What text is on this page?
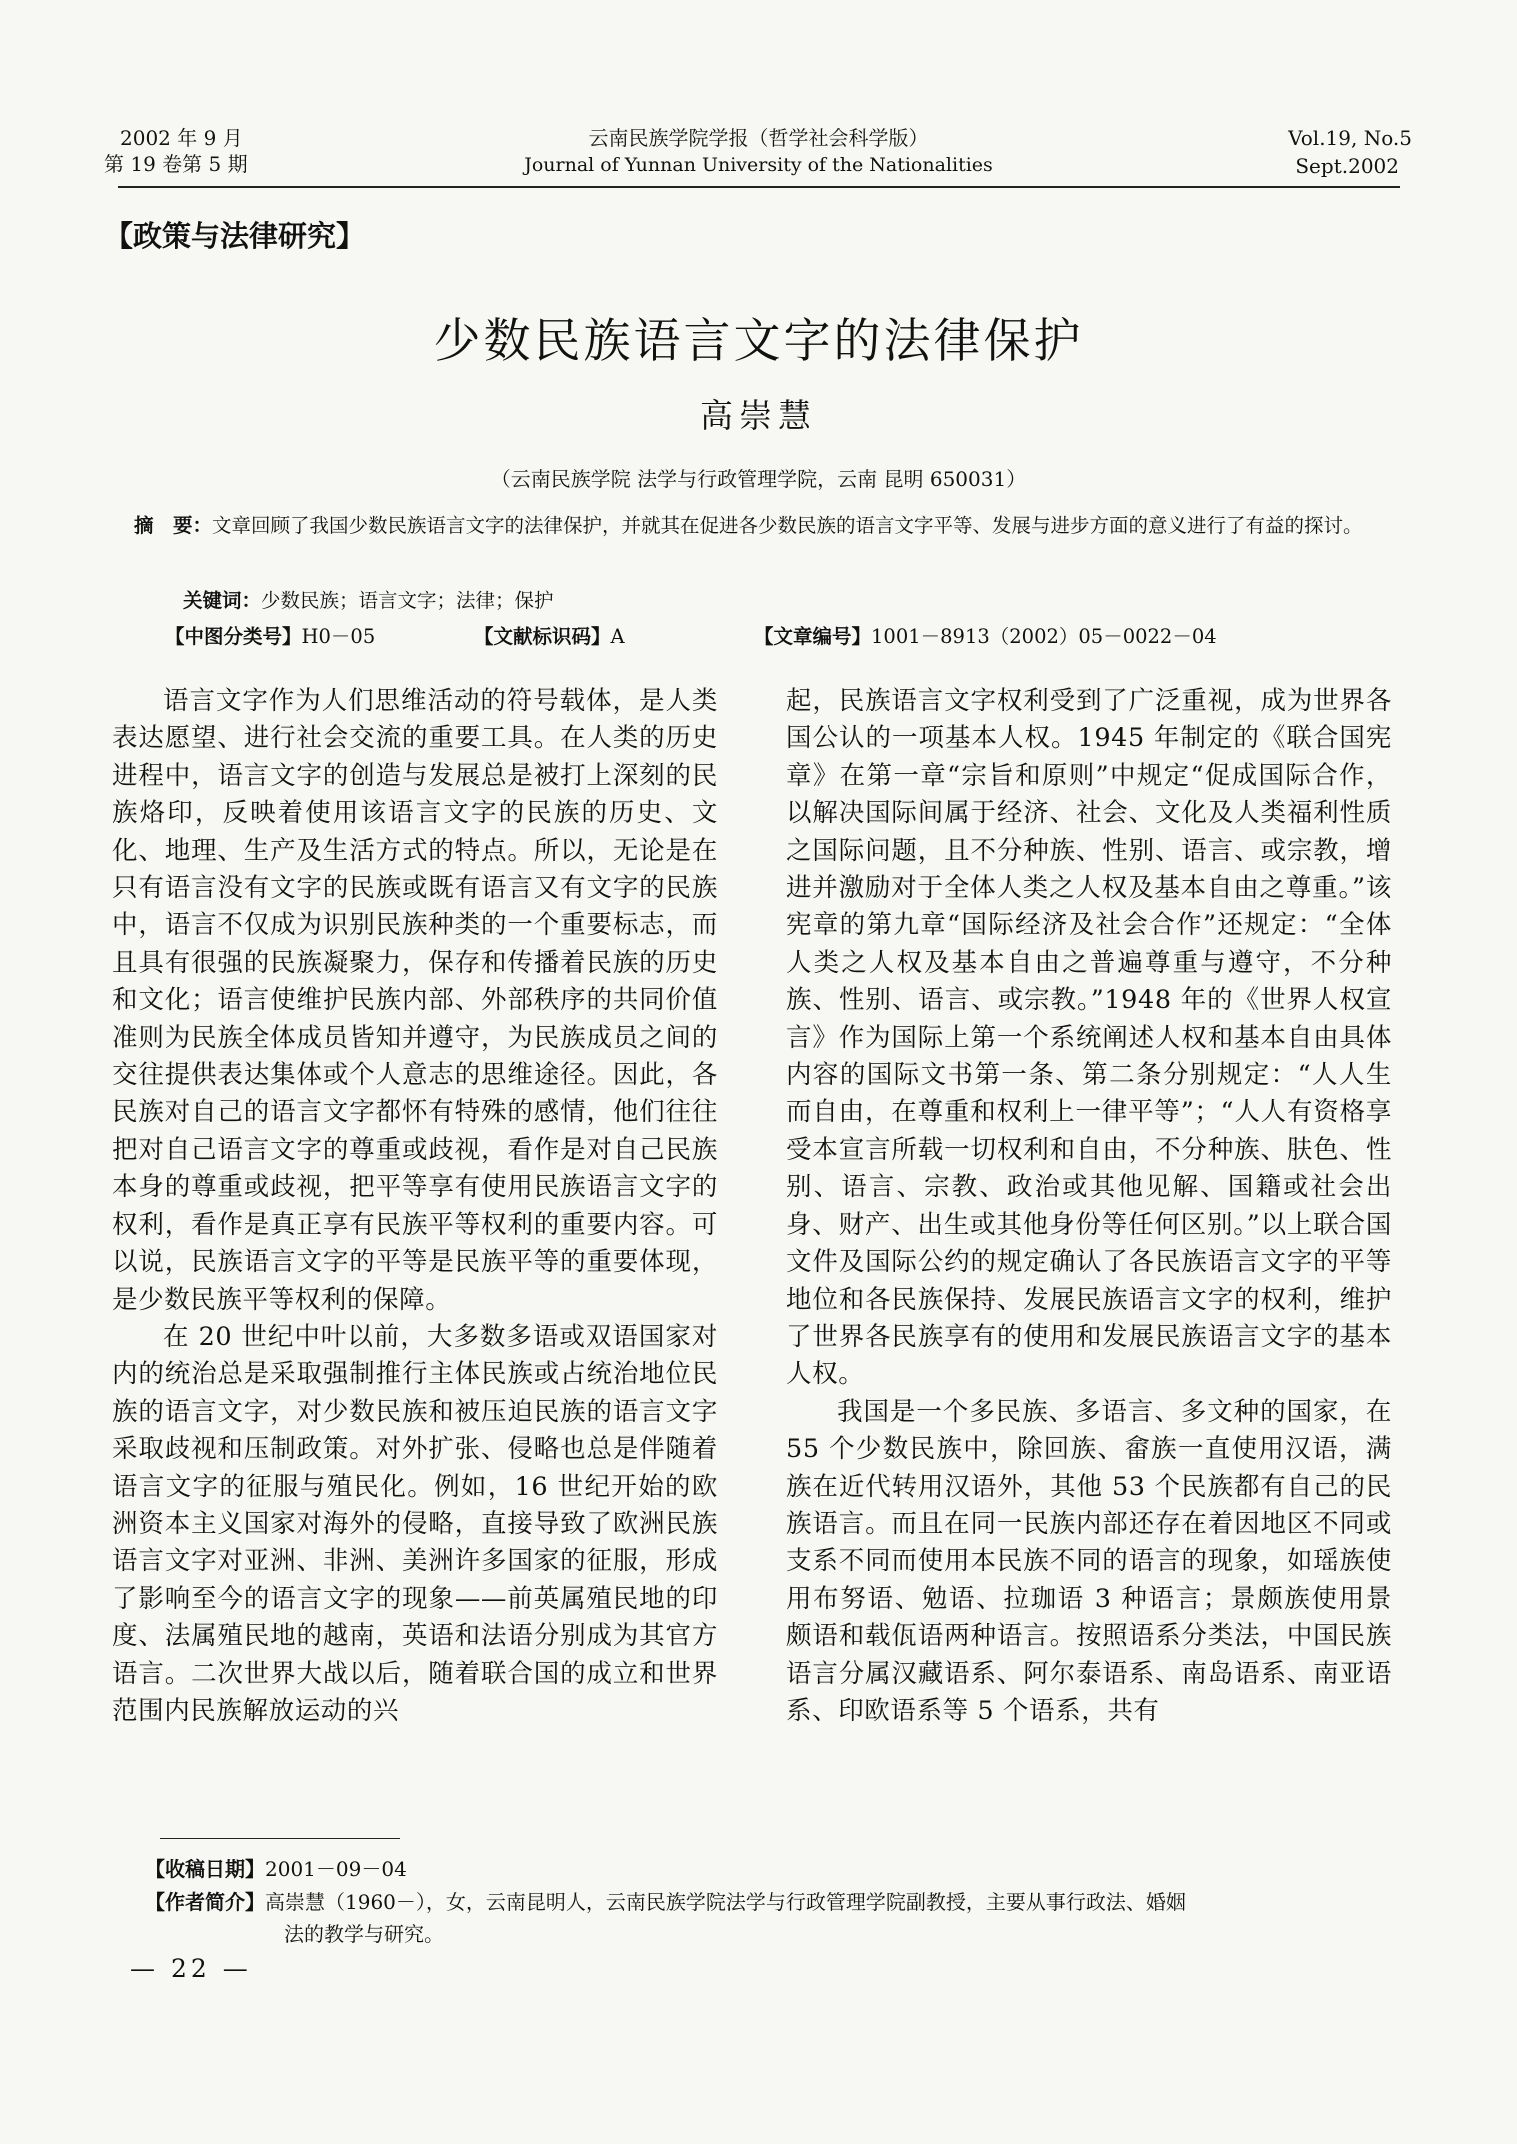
2002 年 9 月
第 19 卷第 5 期
云南民族学院学报（哲学社会科学版）
Journal of Yunnan University of the Nationalities
Vol.19, No.5
Sept.2002
【政策与法律研究】
少数民族语言文字的法律保护
高崇慧
（云南民族学院 法学与行政管理学院，云南 昆明 650031）
摘　要：文章回顾了我国少数民族语言文字的法律保护，并就其在促进各少数民族的语言文字平等、发展与进步方面的意义进行了有益的探讨。
关键词：少数民族；语言文字；法律；保护
【中图分类号】H0－05	【文献标识码】A	【文章编号】1001－8913（2002）05－0022－04

语言文字作为人们思维活动的符号载体，是人类表达愿望、进行社会交流的重要工具。在人类的历史进程中，语言文字的创造与发展总是被打上深刻的民族烙印，反映着使用该语言文字的民族的历史、文化、地理、生产及生活方式的特点。所以，无论是在只有语言没有文字的民族或既有语言又有文字的民族中，语言不仅成为识别民族种类的一个重要标志，而且具有很强的民族凝聚力，保存和传播着民族的历史和文化；语言使维护民族内部、外部秩序的共同价值准则为民族全体成员皆知并遵守，为民族成员之间的交往提供表达集体或个人意志的思维途径。因此，各民族对自己的语言文字都怀有特殊的感情，他们往往把对自己语言文字的尊重或歧视，看作是对自己民族本身的尊重或歧视，把平等享有使用民族语言文字的权利，看作是真正享有民族平等权利的重要内容。可以说，民族语言文字的平等是民族平等的重要体现，是少数民族平等权利的保障。

在 20 世纪中叶以前，大多数多语或双语国家对内的统治总是采取强制推行主体民族或占统治地位民族的语言文字，对少数民族和被压迫民族的语言文字采取歧视和压制政策。对外扩张、侵略也总是伴随着语言文字的征服与殖民化。例如，16 世纪开始的欧洲资本主义国家对海外的侵略，直接导致了欧洲民族语言文字对亚洲、非洲、美洲许多国家的征服，形成了影响至今的语言文字的现象——前英属殖民地的印度、法属殖民地的越南，英语和法语分别成为其官方语言。二次世界大战以后，随着联合国的成立和世界范围内民族解放运动的兴

起，民族语言文字权利受到了广泛重视，成为世界各国公认的一项基本人权。1945 年制定的《联合国宪章》在第一章“宗旨和原则”中规定“促成国际合作，以解决国际间属于经济、社会、文化及人类福利性质之国际问题，且不分种族、性别、语言、或宗教，增进并激励对于全体人类之人权及基本自由之尊重。”该宪章的第九章“国际经济及社会合作”还规定：“全体人类之人权及基本自由之普遍尊重与遵守，不分种族、性别、语言、或宗教。”1948 年的《世界人权宣言》作为国际上第一个系统阐述人权和基本自由具体内容的国际文书第一条、第二条分别规定：“人人生而自由，在尊重和权利上一律平等”；“人人有资格享受本宣言所载一切权利和自由，不分种族、肤色、性别、语言、宗教、政治或其他见解、国籍或社会出身、财产、出生或其他身份等任何区别。”以上联合国文件及国际公约的规定确认了各民族语言文字的平等地位和各民族保持、发展民族语言文字的权利，维护了世界各民族享有的使用和发展民族语言文字的基本人权。

我国是一个多民族、多语言、多文种的国家，在 55 个少数民族中，除回族、畲族一直使用汉语，满族在近代转用汉语外，其他 53 个民族都有自己的民族语言。而且在同一民族内部还存在着因地区不同或支系不同而使用本民族不同的语言的现象，如瑶族使用布努语、勉语、拉珈语 3 种语言；景颇族使用景颇语和载佤语两种语言。按照语系分类法，中国民族语言分属汉藏语系、阿尔泰语系、南岛语系、南亚语系、印欧语系等 5 个语系，共有

【收稿日期】2001－09－04
【作者简介】高崇慧（1960－），女，云南昆明人，云南民族学院法学与行政管理学院副教授，主要从事行政法、婚姻
法的教学与研究。
— 22 —
